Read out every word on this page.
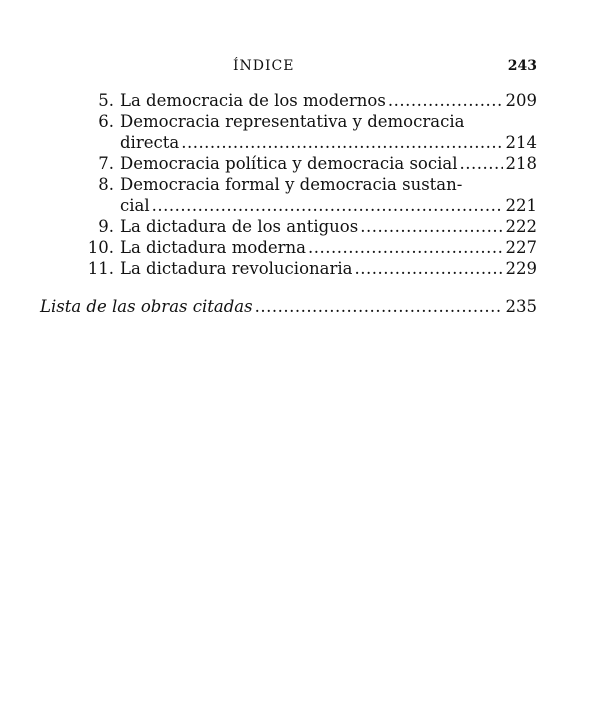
ÍNDICE	243
5. La democracia de los modernos .....	209
6. Democracia representativa y democracia
directa .....	214
7. Democracia política y democracia social .....	218
8. Democracia formal y democracia sustan-
cial .....	221
9. La dictadura de los antiguos .....	222
10. La dictadura moderna .....	227
11. La dictadura revolucionaria .....	229
Lista de las obras citadas .....	235
